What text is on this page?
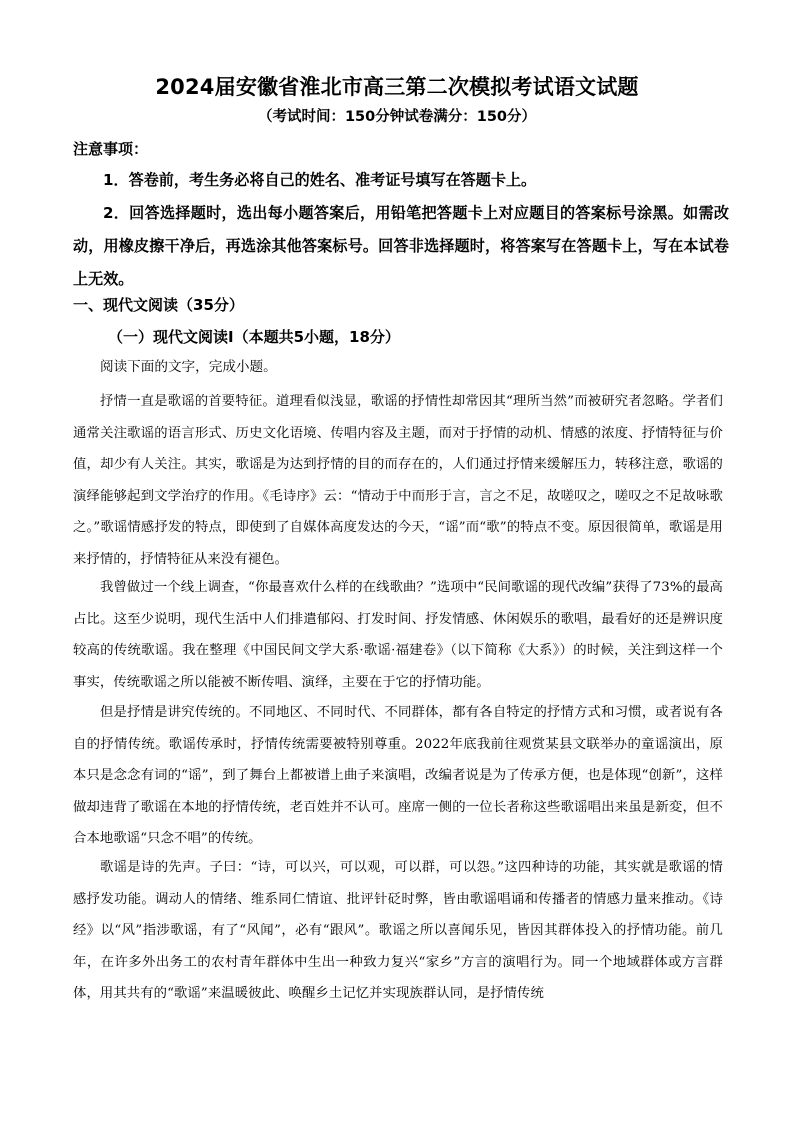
2024届安徽省淮北市高三第二次模拟考试语文试题
（考试时间：150分钟试卷满分：150分）
注意事项：

1．答卷前，考生务必将自己的姓名、准考证号填写在答题卡上。

2．回答选择题时，选出每小题答案后，用铅笔把答题卡上对应题目的答案标号涂黑。如需改动，用橡皮擦干净后，再选涂其他答案标号。回答非选择题时，将答案写在答题卡上，写在本试卷上无效。

一、现代文阅读（35分）
（一）现代文阅读Ⅰ（本题共5小题，18分）
阅读下面的文字，完成小题。

抒情一直是歌谣的首要特征。道理看似浅显，歌谣的抒情性却常因其“理所当然”而被研究者忽略。学者们通常关注歌谣的语言形式、历史文化语境、传唱内容及主题，而对于抒情的动机、情感的浓度、抒情特征与价值，却少有人关注。其实，歌谣是为达到抒情的目的而存在的，人们通过抒情来缓解压力，转移注意，歌谣的演绎能够起到文学治疗的作用。《毛诗序》云：“情动于中而形于言，言之不足，故嗟叹之，嗟叹之不足故咏歌之。”歌谣情感抒发的特点，即使到了自媒体高度发达的今天，“谣”而“歌”的特点不变。原因很简单，歌谣是用来抒情的，抒情特征从来没有褪色。

我曾做过一个线上调查，“你最喜欢什么样的在线歌曲？”选项中“民间歌谣的现代改编”获得了73%的最高占比。这至少说明，现代生活中人们排遣郁闷、打发时间、抒发情感、休闲娱乐的歌唱，最看好的还是辨识度较高的传统歌谣。我在整理《中国民间文学大系·歌谣·福建卷》（以下简称《大系》）的时候，关注到这样一个事实，传统歌谣之所以能被不断传唱、演绎，主要在于它的抒情功能。

但是抒情是讲究传统的。不同地区、不同时代、不同群体，都有各自特定的抒情方式和习惯，或者说有各自的抒情传统。歌谣传承时，抒情传统需要被特别尊重。2022年底我前往观赏某县文联举办的童谣演出，原本只是念念有词的“谣”，到了舞台上都被谱上曲子来演唱，改编者说是为了传承方便，也是体现“创新”，这样做却违背了歌谣在本地的抒情传统，老百姓并不认可。座席一侧的一位长者称这些歌谣唱出来虽是新変，但不合本地歌谣“只念不唱”的传统。

歌谣是诗的先声。子曰：“诗，可以兴，可以观，可以群，可以怨。”这四种诗的功能，其实就是歌谣的情感抒发功能。调动人的情绪、维系同仁情谊、批评针砭时弊，皆由歌谣唱诵和传播者的情感力量来推动。《诗经》以“风”指涉歌谣，有了“风闻”，必有“跟风”。歌谣之所以喜闻乐见，皆因其群体投入的抒情功能。前几年，在许多外出务工的农村青年群体中生出一种致力复兴“家乡”方言的演唱行为。同一个地域群体或方言群体，用其共有的“歌谣”来温暖彼此、唤醒乡土记忆并实现族群认同，是抒情传统
